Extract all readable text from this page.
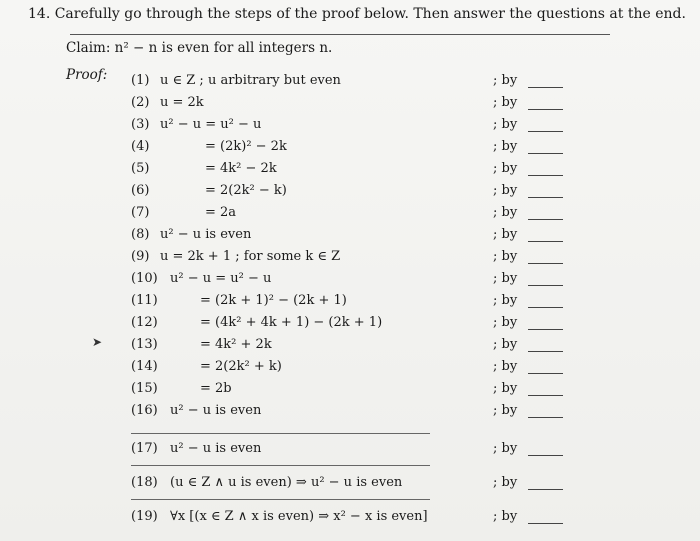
14. Carefully go through the steps of the proof below. Then answer the questions at the end.
Claim: n² − n is even for all integers n.
Proof: (1) u ∈ Z ; u arbitrary but even	; by
(2) u = 2k	; by
(3) u² − u = u² − u	; by
(4)	= (2k)² − 2k	; by
(5)	= 4k² − 2k	; by
(6)	= 2(2k² − k)	; by
(7)	= 2a	; by
(8) u² − u is even	; by
(9) u = 2k + 1 ; for some k ∈ Z	; by
(10) u² − u = u² − u	; by
(11)	= (2k + 1)² − (2k + 1)	; by
(12)	= (4k² + 4k + 1) − (2k + 1)	; by
(13)	= 4k² + 2k	; by
(14)	= 2(2k² + k)	; by
(15)	= 2b	; by
(16) u² − u is even	; by
(17) u² − u is even	; by
(18) (u ∈ Z ∧ u is even) ⇒ u² − u is even	; by
(19) ∀x [(x ∈ Z ∧ x is even) ⇒ x² − x is even]	; by
➤
